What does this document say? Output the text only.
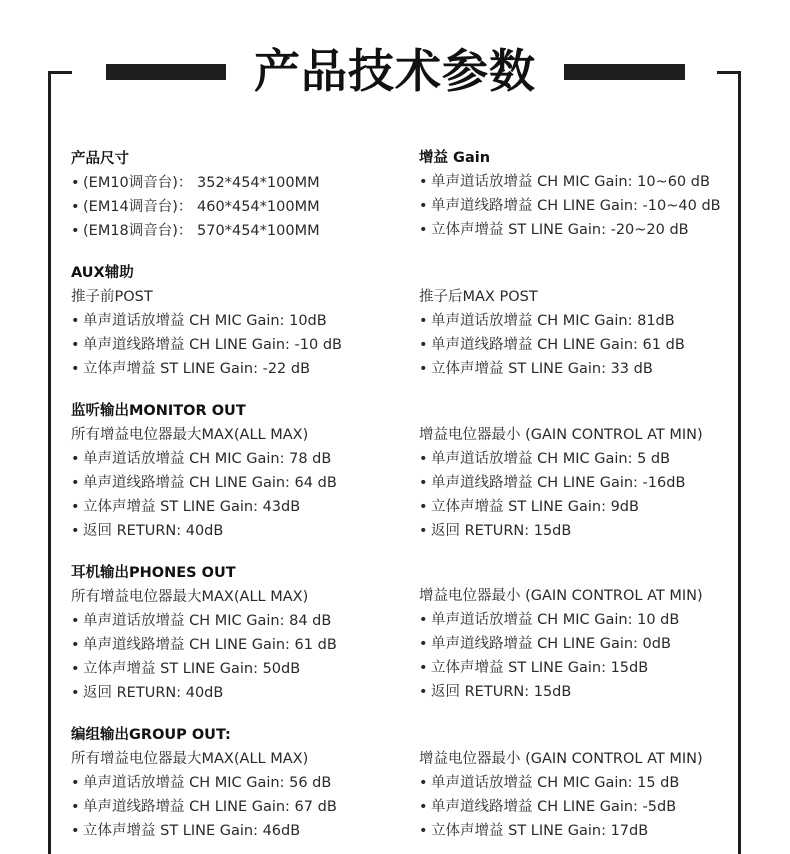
产品技术参数
产品尺寸
• (EM10调音台)： 352*454*100MM
• (EM14调音台)： 460*454*100MM
• (EM18调音台)： 570*454*100MM
AUX辅助
推子前POST
• 单声道话放增益 CH MIC Gain: 10dB
• 单声道线路增益 CH LINE Gain: -10 dB
• 立体声增益 ST LINE Gain: -22 dB
监听输出MONITOR OUT
所有增益电位器最大MAX(ALL MAX)
• 单声道话放增益 CH MIC Gain: 78 dB
• 单声道线路增益 CH LINE Gain: 64 dB
• 立体声增益 ST LINE Gain: 43dB
• 返回 RETURN: 40dB
耳机输出PHONES OUT
所有增益电位器最大MAX(ALL MAX)
• 单声道话放增益 CH MIC Gain: 84 dB
• 单声道线路增益 CH LINE Gain: 61 dB
• 立体声增益 ST LINE Gain: 50dB
• 返回 RETURN: 40dB
编组输出GROUP OUT:
所有增益电位器最大MAX(ALL MAX)
• 单声道话放增益 CH MIC Gain: 56 dB
• 单声道线路增益 CH LINE Gain: 67 dB
• 立体声增益 ST LINE Gain: 46dB
增益 Gain
• 单声道话放增益 CH MIC Gain: 10~60 dB
• 单声道线路增益 CH LINE Gain: -10~40 dB
• 立体声增益 ST LINE Gain: -20~20 dB
推子后MAX POST
• 单声道话放增益 CH MIC Gain: 81dB
• 单声道线路增益 CH LINE Gain: 61 dB
• 立体声增益 ST LINE Gain: 33 dB
增益电位器最小 (GAIN CONTROL AT MIN)
• 单声道话放增益 CH MIC Gain: 5 dB
• 单声道线路增益 CH LINE Gain: -16dB
• 立体声增益 ST LINE Gain: 9dB
• 返回 RETURN: 15dB
增益电位器最小 (GAIN CONTROL AT MIN)
• 单声道话放增益 CH MIC Gain: 10 dB
• 单声道线路增益 CH LINE Gain: 0dB
• 立体声增益 ST LINE Gain: 15dB
• 返回 RETURN: 15dB
增益电位器最小 (GAIN CONTROL AT MIN)
• 单声道话放增益 CH MIC Gain: 15 dB
• 单声道线路增益 CH LINE Gain: -5dB
• 立体声增益 ST LINE Gain: 17dB
